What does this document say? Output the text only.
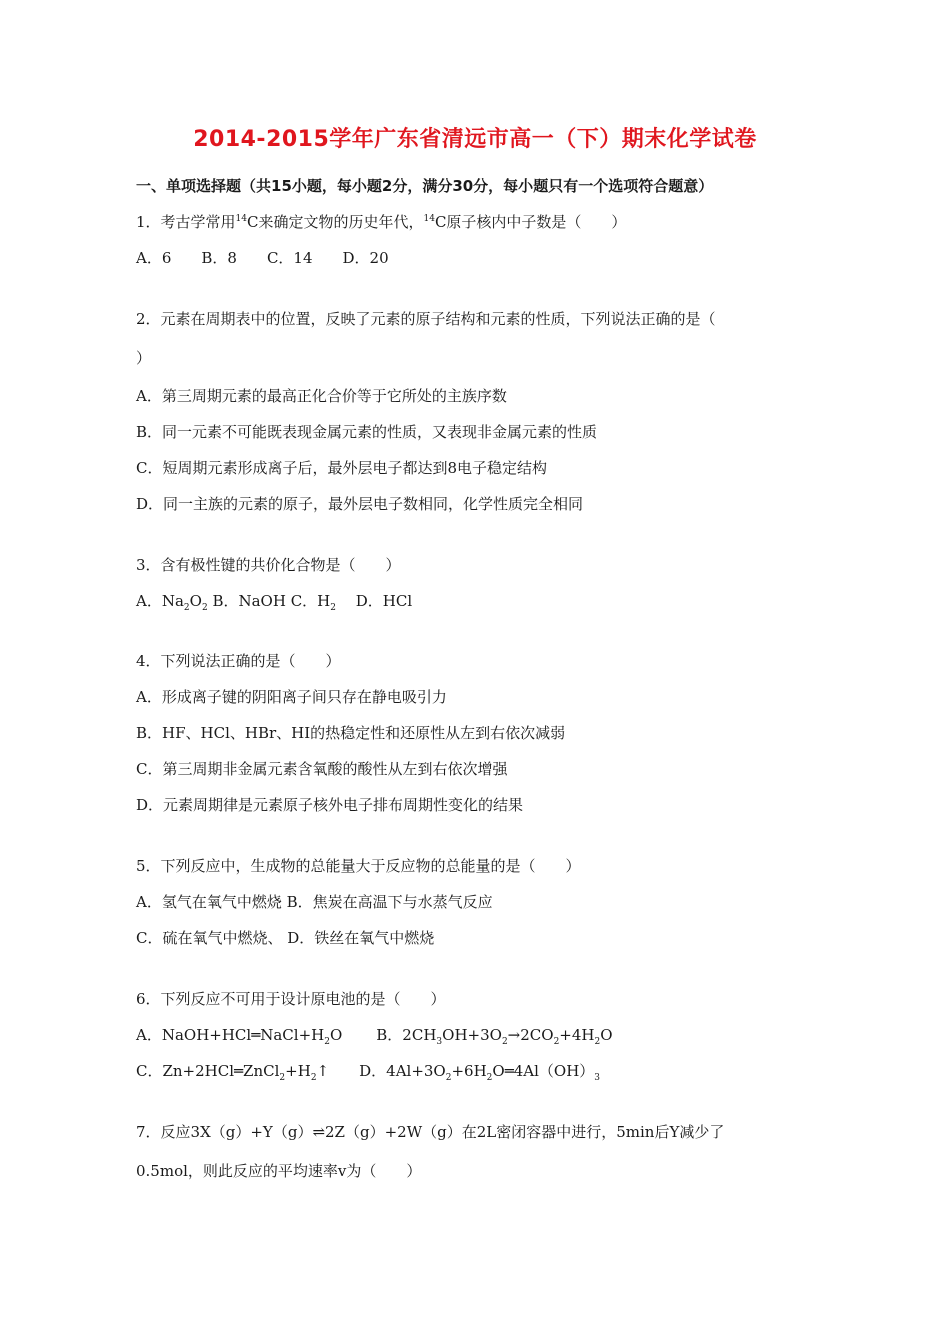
2014-2015学年广东省清远市高一（下）期末化学试卷
一、单项选择题（共15小题，每小题2分，满分30分，每小题只有一个选项符合题意）
1．考古学常用$^{14}$C来确定文物的历史年代，$^{14}$C原子核内中子数是（　　）
A．6　　B．8　　C．14　　D．20
2．元素在周期表中的位置，反映了元素的原子结构和元素的性质，下列说法正确的是（
）
A．第三周期元素的最高正化合价等于它所处的主族序数
B．同一元素不可能既表现金属元素的性质，又表现非金属元素的性质
C．短周期元素形成离子后，最外层电子都达到8电子稳定结构
D．同一主族的元素的原子，最外层电子数相同，化学性质完全相同
3．含有极性键的共价化合物是（　　）
A．$Na_2O_2$ B．NaOH C．$H_2$　 D．HCl
4．下列说法正确的是（　　）
A．形成离子键的阴阳离子间只存在静电吸引力
B．HF、HCl、HBr、HI的热稳定性和还原性从左到右依次减弱
C．第三周期非金属元素含氧酸的酸性从左到右依次增强
D．元素周期律是元素原子核外电子排布周期性变化的结果
5．下列反应中，生成物的总能量大于反应物的总能量的是（　　）
A．氢气在氧气中燃烧 B．焦炭在高温下与水蒸气反应
C．硫在氧气中燃烧、 D．铁丝在氧气中燃烧
6．下列反应不可用于设计原电池的是（　　）
A．$NaOH+HCl═NaCl+H_2O$ B．$2CH_3OH+3O_2\to 2CO_2+4H_2O$
C．$Zn+2HCl═ZnCl_2+H_2↑$ D．$4Al+3O_2+6H_2O═4Al(OH)_3$
7．反应3X（g）+Y（g）⇌2Z（g）+2W（g）在2L密闭容器中进行，5min后Y减少了
0.5mol，则此反应的平均速率v为（　　）
